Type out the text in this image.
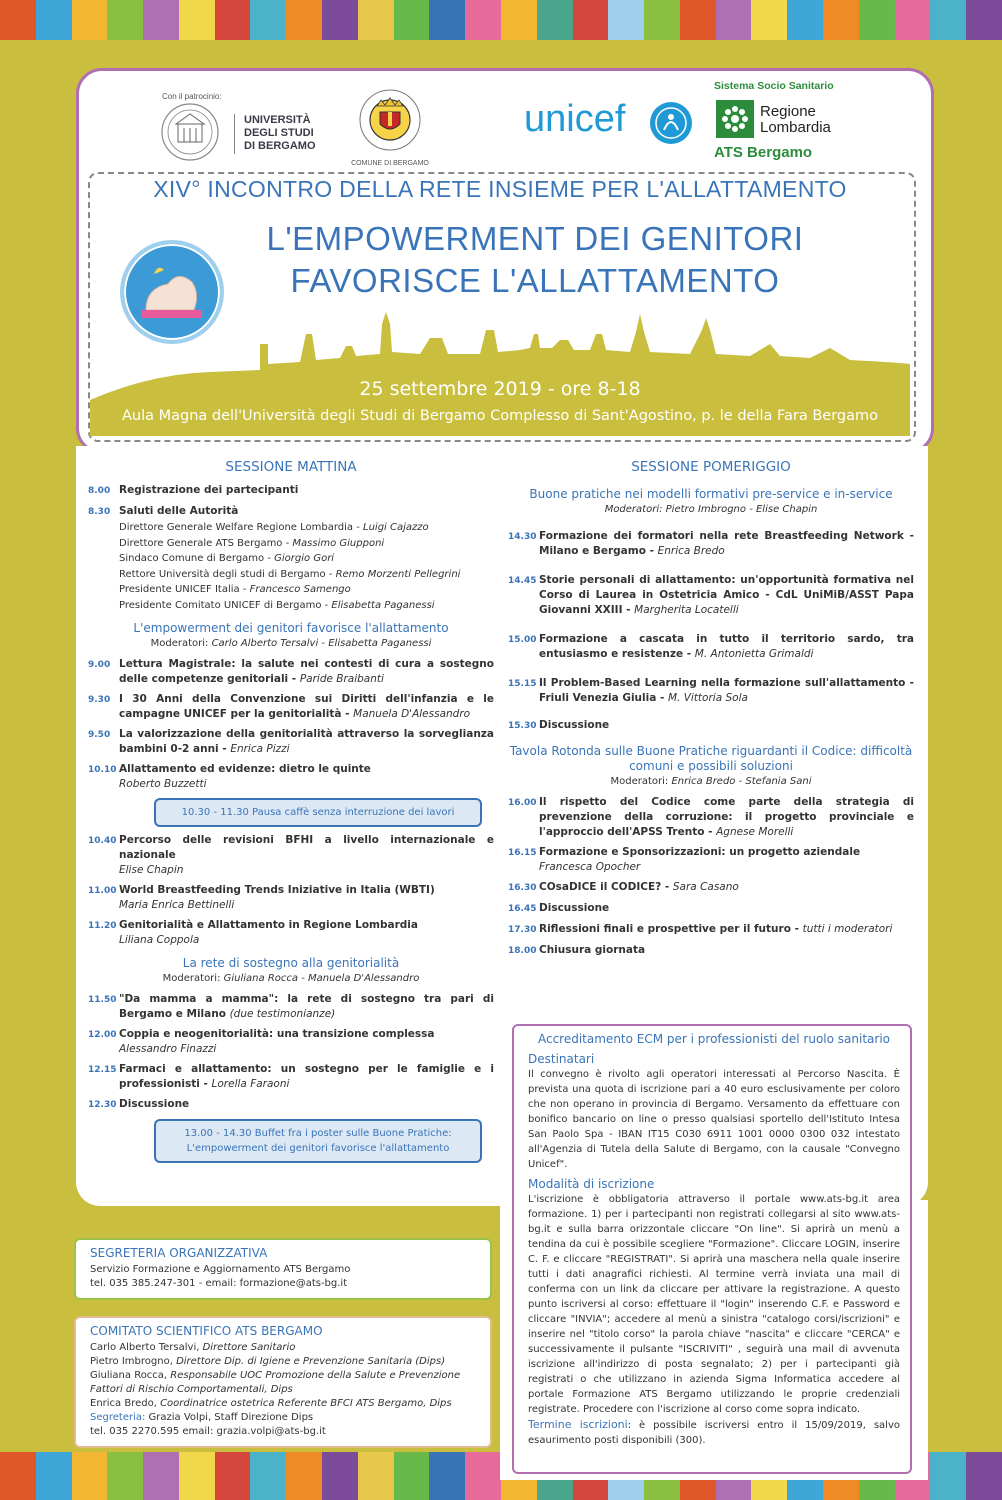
Con il patrocinio:
UNIVERSITÀ
DEGLI STUDI
DI BERGAMO
COMUNE DI BERGAMO
unicef
Sistema Socio Sanitario
Regione
Lombardia
ATS Bergamo
XIV° INCONTRO DELLA RETE INSIEME PER L'ALLATTAMENTO
L'EMPOWERMENT DEI GENITORI
FAVORISCE L'ALLATTAMENTO
25 settembre 2019 - ore 8-18
Aula Magna dell'Università degli Studi di Bergamo Complesso di Sant'Agostino, p. le della Fara Bergamo
SESSIONE MATTINA
8.00 Registrazione dei partecipanti
8.30 Saluti delle Autorità
Direttore Generale Welfare Regione Lombardia - Luigi Cajazzo
Direttore Generale ATS Bergamo - Massimo Giupponi
Sindaco Comune di Bergamo - Giorgio Gori
Rettore Università degli studi di Bergamo - Remo Morzenti Pellegrini
Presidente UNICEF Italia - Francesco Samengo
Presidente Comitato UNICEF di Bergamo - Elisabetta Paganessi
L'empowerment dei genitori favorisce l'allattamento
Moderatori: Carlo Alberto Tersalvi - Elisabetta Paganessi
9.00 Lettura Magistrale: la salute nei contesti di cura a sostegno delle competenze genitoriali - Paride Braibanti
9.30 I 30 Anni della Convenzione sui Diritti dell'infanzia e le campagne UNICEF per la genitorialità - Manuela D'Alessandro
9.50 La valorizzazione della genitorialità attraverso la sorveglianza bambini 0-2 anni - Enrica Pizzi
10.10 Allattamento ed evidenze: dietro le quinte
Roberto Buzzetti
10.30 - 11.30 Pausa caffè senza interruzione dei lavori
10.40 Percorso delle revisioni BFHI a livello internazionale e nazionale
Elise Chapin
11.00 World Breastfeeding Trends Iniziative in Italia (WBTI)
Maria Enrica Bettinelli
11.20 Genitorialità e Allattamento in Regione Lombardia
Liliana Coppola
La rete di sostegno alla genitorialità
Moderatori: Giuliana Rocca - Manuela D'Alessandro
11.50 "Da mamma a mamma": la rete di sostegno tra pari di Bergamo e Milano (due testimonianze)
12.00 Coppia e neogenitorialità: una transizione complessa
Alessandro Finazzi
12.15 Farmaci e allattamento: un sostegno per le famiglie e i professionisti - Lorella Faraoni
12.30 Discussione
13.00 - 14.30 Buffet fra i poster sulle Buone Pratiche: L'empowerment dei genitori favorisce l'allattamento
SESSIONE POMERIGGIO
Buone pratiche nei modelli formativi pre-service e in-service
Moderatori: Pietro Imbrogno - Elise Chapin
14.30 Formazione dei formatori nella rete Breastfeeding Network - Milano e Bergamo - Enrica Bredo
14.45 Storie personali di allattamento: un'opportunità formativa nel Corso di Laurea in Ostetricia Amico - CdL UniMiB/ASST Papa Giovanni XXIII - Margherita Locatelli
15.00 Formazione a cascata in tutto il territorio sardo, tra entusiasmo e resistenze - M. Antonietta Grimaldi
15.15 Il Problem-Based Learning nella formazione sull'allattamento - Friuli Venezia Giulia - M. Vittoria Sola
15.30 Discussione
Tavola Rotonda sulle Buone Pratiche riguardanti il Codice: difficoltà comuni e possibili soluzioni
Moderatori: Enrica Bredo - Stefania Sani
16.00 Il rispetto del Codice come parte della strategia di prevenzione della corruzione: il progetto provinciale e l'approccio dell'APSS Trento - Agnese Morelli
16.15 Formazione e Sponsorizzazioni: un progetto aziendale
Francesca Opocher
16.30 COsaDICE il CODICE? - Sara Casano
16.45 Discussione
17.30 Riflessioni finali e prospettive per il futuro - tutti i moderatori
18.00 Chiusura giornata
SEGRETERIA ORGANIZZATIVA
Servizio Formazione e Aggiornamento ATS Bergamo
tel. 035 385.247-301 - email: formazione@ats-bg.it
COMITATO SCIENTIFICO ATS BERGAMO
Carlo Alberto Tersalvi, Direttore Sanitario
Pietro Imbrogno, Direttore Dip. di Igiene e Prevenzione Sanitaria (Dips)
Giuliana Rocca, Responsabile UOC Promozione della Salute e Prevenzione Fattori di Rischio Comportamentali, Dips
Enrica Bredo, Coordinatrice ostetrica Referente BFCI ATS Bergamo, Dips
Segreteria: Grazia Volpi, Staff Direzione Dips
tel. 035 2270.595 email: grazia.volpi@ats-bg.it
Accreditamento ECM per i professionisti del ruolo sanitario
Destinatari

Il convegno è rivolto agli operatori interessati al Percorso Nascita. È prevista una quota di iscrizione pari a 40 euro esclusivamente per coloro che non operano in provincia di Bergamo. Versamento da effettuare con bonifico bancario on line o presso qualsiasi sportello dell'Istituto Intesa San Paolo Spa - IBAN IT15 C030 6911 1001 0000 0300 032 intestato all'Agenzia di Tutela della Salute di Bergamo, con la causale "Convegno Unicef".

Modalità di iscrizione

L'iscrizione è obbligatoria attraverso il portale www.ats-bg.it area formazione. 1) per i partecipanti non registrati collegarsi al sito www.ats-bg.it e sulla barra orizzontale cliccare "On line". Si aprirà un menù a tendina da cui è possibile scegliere "Formazione". Cliccare LOGIN, inserire C. F. e cliccare "REGISTRATI". Si aprirà una maschera nella quale inserire tutti i dati anagrafici richiesti. Al termine verrà inviata una mail di conferma con un link da cliccare per attivare la registrazione. A questo punto iscriversi al corso: effettuare il "login" inserendo C.F. e Password e cliccare "INVIA"; accedere al menù a sinistra "catalogo corsi/iscrizioni" e inserire nel "titolo corso" la parola chiave "nascita" e cliccare "CERCA" e successivamente il pulsante "ISCRIVITI" , seguirà una mail di avvenuta iscrizione all'indirizzo di posta segnalato; 2) per i partecipanti già registrati o che utilizzano in azienda Sigma Informatica accedere al portale Formazione ATS Bergamo utilizzando le proprie credenziali registrate. Procedere con l'iscrizione al corso come sopra indicato.

Termine iscrizioni: è possibile iscriversi entro il 15/09/2019, salvo esaurimento posti disponibili (300).
